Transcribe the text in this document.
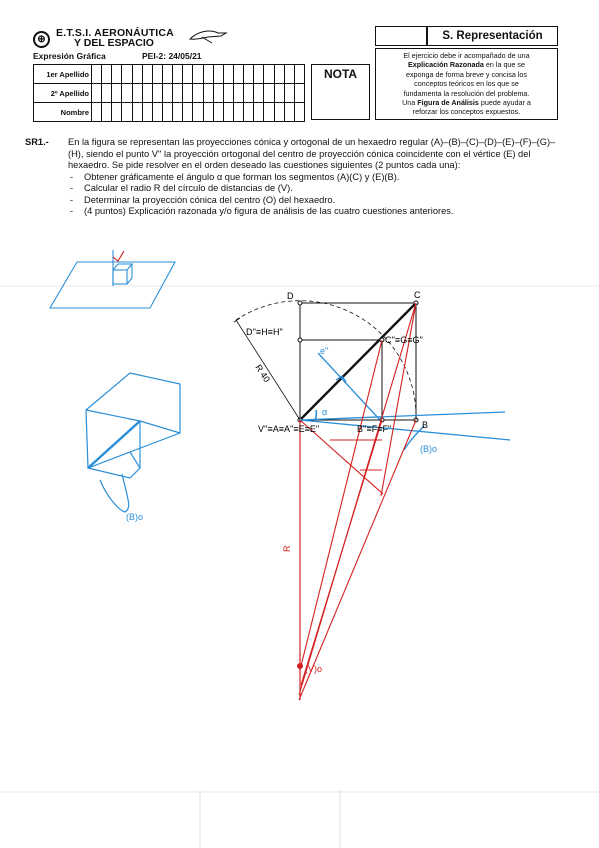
⊕
E.T.S.I. AERONÁUTICA
Y DEL ESPACIO
Expresión Gráfica	PEI-2: 24/05/21
1er Apellido
2º Apellido
Nombre
NOTA
S. Representación
El ejercicio debe ir acompañado de una
Explicación Razonada en la que se
exponga de forma breve y concisa los
conceptos teóricos en los que se
fundamenta la resolución del problema.
Una Figura de Análisis puede ayudar a
reforzar los conceptos expuestos.
SR1.-	En la figura se representan las proyecciones cónica y ortogonal de un hexaedro regular (A)–(B)–(C)–(D)–(E)–(F)–(G)–(H), siendo el punto V'' la proyección ortogonal del centro de proyección cónica coincidente con el vértice (E) del hexaedro. Se pide resolver en el orden deseado las cuestiones siguientes (2 puntos cada una):

- Obtener gráficamente el ángulo α que forman los segmentos (A)(C) y (E)(B).
- Calcular el radio R del círculo de distancias de (V).
- Determinar la proyección cónica del centro (O) del hexaedro.
- (4 puntos) Explicación razonada y/o figura de análisis de las cuatro cuestiones anteriores.
D	C
B
D''≡H≡H''
C''≡G≡G''
V''≡A≡A''≡E≡E''	B''≡F≡F''
R 40
e''
α
(B)o
R
(V)o
(B)o
